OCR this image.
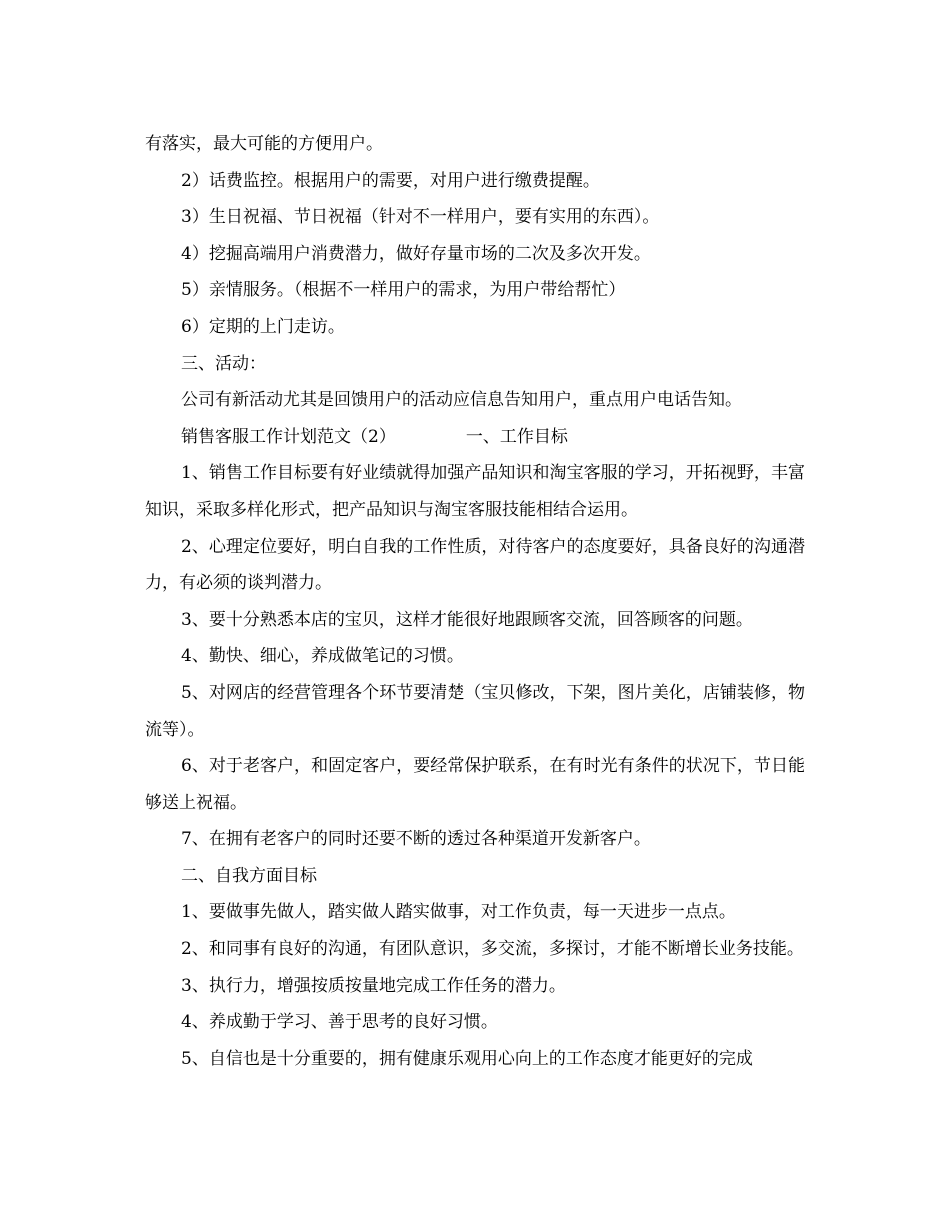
有落实，最大可能的方便用户。

2）话费监控。根据用户的需要，对用户进行缴费提醒。

3）生日祝福、节日祝福（针对不一样用户，要有实用的东西）。

4）挖掘高端用户消费潜力，做好存量市场的二次及多次开发。

5）亲情服务。（根据不一样用户的需求，为用户带给帮忙）

6）定期的上门走访。

三、活动：

公司有新活动尤其是回馈用户的活动应信息告知用户，重点用户电话告知。

销售客服工作计划范文（2）	一、工作目标

1、销售工作目标要有好业绩就得加强产品知识和淘宝客服的学习，开拓视野，丰富知识，采取多样化形式，把产品知识与淘宝客服技能相结合运用。

2、心理定位要好，明白自我的工作性质，对待客户的态度要好，具备良好的沟通潜力，有必须的谈判潜力。

3、要十分熟悉本店的宝贝，这样才能很好地跟顾客交流，回答顾客的问题。

4、勤快、细心，养成做笔记的习惯。

5、对网店的经营管理各个环节要清楚（宝贝修改，下架，图片美化，店铺装修，物流等）。

6、对于老客户，和固定客户，要经常保护联系，在有时光有条件的状况下，节日能够送上祝福。

7、在拥有老客户的同时还要不断的透过各种渠道开发新客户。

二、自我方面目标

1、要做事先做人，踏实做人踏实做事，对工作负责，每一天进步一点点。

2、和同事有良好的沟通，有团队意识，多交流，多探讨，才能不断增长业务技能。

3、执行力，增强按质按量地完成工作任务的潜力。

4、养成勤于学习、善于思考的良好习惯。

5、自信也是十分重要的，拥有健康乐观用心向上的工作态度才能更好的完成
